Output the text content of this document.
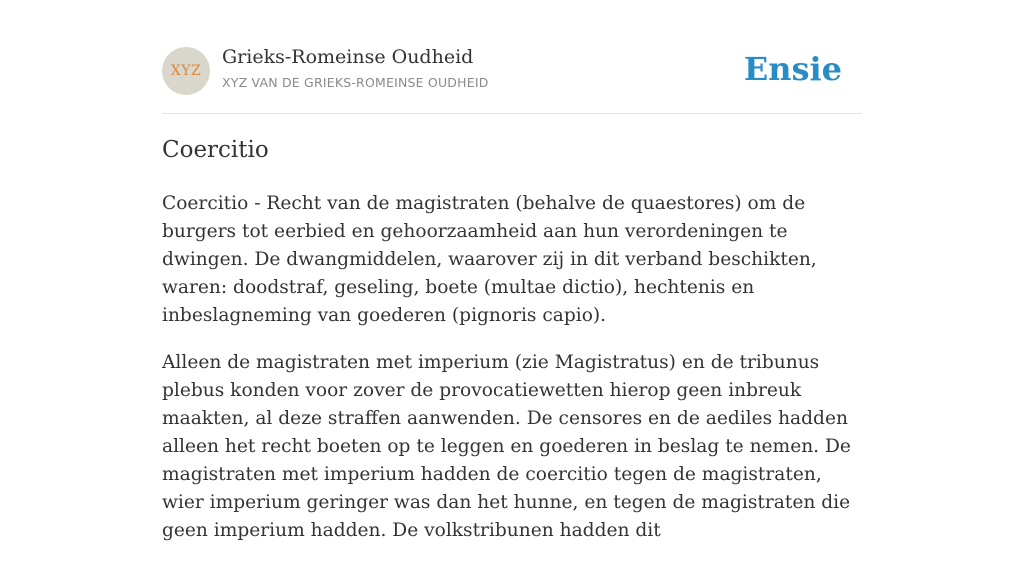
XYZ
Grieks-Romeinse Oudheid
XYZ VAN DE GRIEKS-ROMEINSE OUDHEID	Ensie
Coercitio

Coercitio - Recht van de magistraten (behalve de quaestores) om de burgers tot eerbied en gehoorzaamheid aan hun verordeningen te dwingen. De dwangmiddelen, waarover zij in dit verband beschikten, waren: doodstraf, geseling, boete (multae dictio), hechtenis en inbeslagneming van goederen (pignoris capio).

Alleen de magistraten met imperium (zie Magistratus) en de tribunus plebus konden voor zover de provocatiewetten hierop geen inbreuk maakten, al deze straffen aanwenden. De censores en de aediles hadden alleen het recht boeten op te leggen en goederen in beslag te nemen. De magistraten met imperium hadden de coercitio tegen de magistraten, wier imperium geringer was dan het hunne, en tegen de magistraten die geen imperium hadden. De volkstribunen hadden dit
